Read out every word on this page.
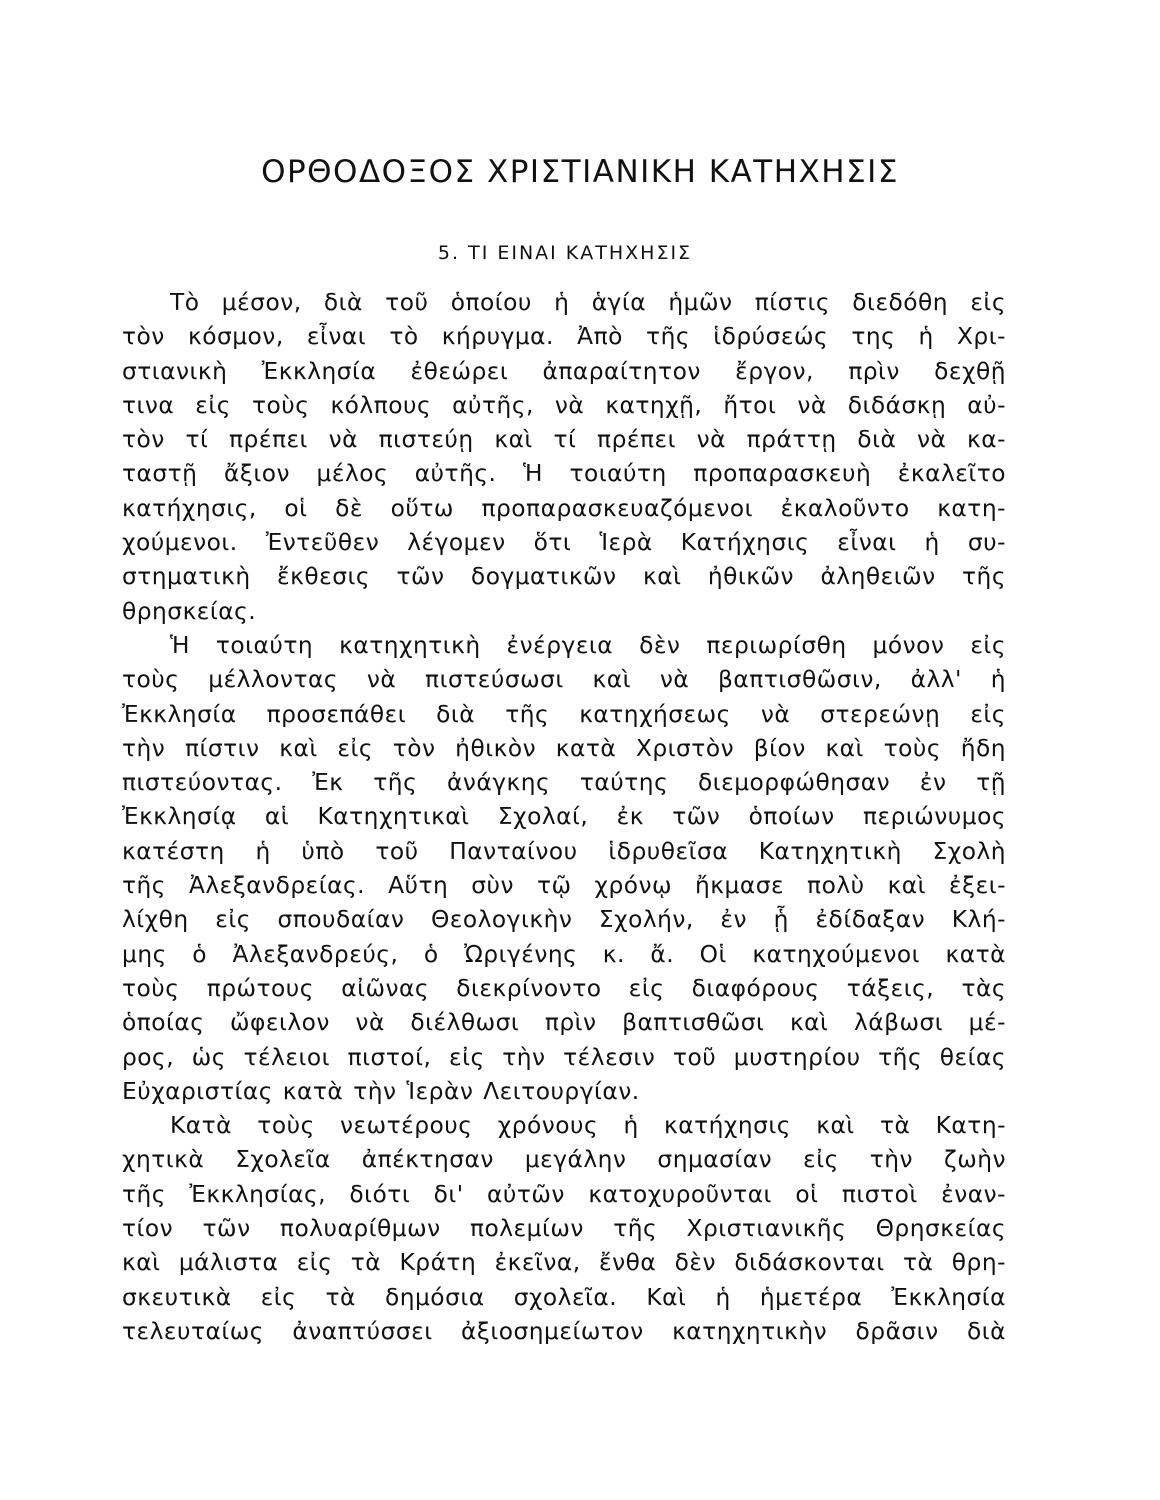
ΟΡΘΟΔΟΞΟΣ ΧΡΙΣΤΙΑΝΙΚΗ ΚΑΤΗΧΗΣΙΣ
5. ΤΙ ΕΙΝΑΙ ΚΑΤΗΧΗΣΙΣ
Τὸ μέσον, διὰ τοῦ ὁποίου ἡ ἁγία ἡμῶν πίστις διεδόθη εἰς
τὸν κόσμον, εἶναι τὸ κήρυγμα. Ἀπὸ τῆς ἱδρύσεώς της ἡ Χρι-
στιανικὴ Ἐκκλησία ἐθεώρει ἀπαραίτητον ἔργον, πρὶν δεχθῇ
τινα εἰς τοὺς κόλπους αὐτῆς, νὰ κατηχῇ, ἤτοι νὰ διδάσκῃ αὐ-
τὸν τί πρέπει νὰ πιστεύῃ καὶ τί πρέπει νὰ πράττῃ διὰ νὰ κα-
ταστῇ ἄξιον μέλος αὐτῆς. Ἡ τοιαύτη προπαρασκευὴ ἐκαλεῖτο
κατήχησις, οἱ δὲ οὕτω προπαρασκευαζόμενοι ἐκαλοῦντο κατη-
χούμενοι. Ἐντεῦθεν λέγομεν ὅτι Ἱερὰ Κατήχησις εἶναι ἡ συ-
στηματικὴ ἔκθεσις τῶν δογματικῶν καὶ ἠθικῶν ἀληθειῶν τῆς
θρησκείας.
Ἡ τοιαύτη κατηχητικὴ ἐνέργεια δὲν περιωρίσθη μόνον εἰς
τοὺς μέλλοντας νὰ πιστεύσωσι καὶ νὰ βαπτισθῶσιν, ἀλλ' ἡ
Ἐκκλησία προσεπάθει διὰ τῆς κατηχήσεως νὰ στερεώνῃ εἰς
τὴν πίστιν καὶ εἰς τὸν ἠθικὸν κατὰ Χριστὸν βίον καὶ τοὺς ἤδη
πιστεύοντας. Ἐκ τῆς ἀνάγκης ταύτης διεμορφώθησαν ἐν τῇ
Ἐκκλησίᾳ αἱ Κατηχητικαὶ Σχολαί, ἐκ τῶν ὁποίων περιώνυμος
κατέστη ἡ ὑπὸ τοῦ Πανταίνου ἱδρυθεῖσα Κατηχητικὴ Σχολὴ
τῆς Ἀλεξανδρείας. Αὕτη σὺν τῷ χρόνῳ ἤκμασε πολὺ καὶ ἐξει-
λίχθη εἰς σπουδαίαν Θεολογικὴν Σχολήν, ἐν ᾗ ἐδίδαξαν Κλή-
μης ὁ Ἀλεξανδρεύς, ὁ Ὠριγένης κ. ἄ. Οἱ κατηχούμενοι κατὰ
τοὺς πρώτους αἰῶνας διεκρίνοντο εἰς διαφόρους τάξεις, τὰς
ὁποίας ὤφειλον νὰ διέλθωσι πρὶν βαπτισθῶσι καὶ λάβωσι μέ-
ρος, ὡς τέλειοι πιστοί, εἰς τὴν τέλεσιν τοῦ μυστηρίου τῆς θείας
Εὐχαριστίας κατὰ τὴν Ἱερὰν Λειτουργίαν.
Κατὰ τοὺς νεωτέρους χρόνους ἡ κατήχησις καὶ τὰ Κατη-
χητικὰ Σχολεῖα ἀπέκτησαν μεγάλην σημασίαν εἰς τὴν ζωὴν
τῆς Ἐκκλησίας, διότι δι' αὐτῶν κατοχυροῦνται οἱ πιστοὶ ἐναν-
τίον τῶν πολυαρίθμων πολεμίων τῆς Χριστιανικῆς Θρησκείας
καὶ μάλιστα εἰς τὰ Κράτη ἐκεῖνα, ἔνθα δὲν διδάσκονται τὰ θρη-
σκευτικὰ εἰς τὰ δημόσια σχολεῖα. Καὶ ἡ ἡμετέρα Ἐκκλησία
τελευταίως ἀναπτύσσει ἀξιοσημείωτον κατηχητικὴν δρᾶσιν διὰ
